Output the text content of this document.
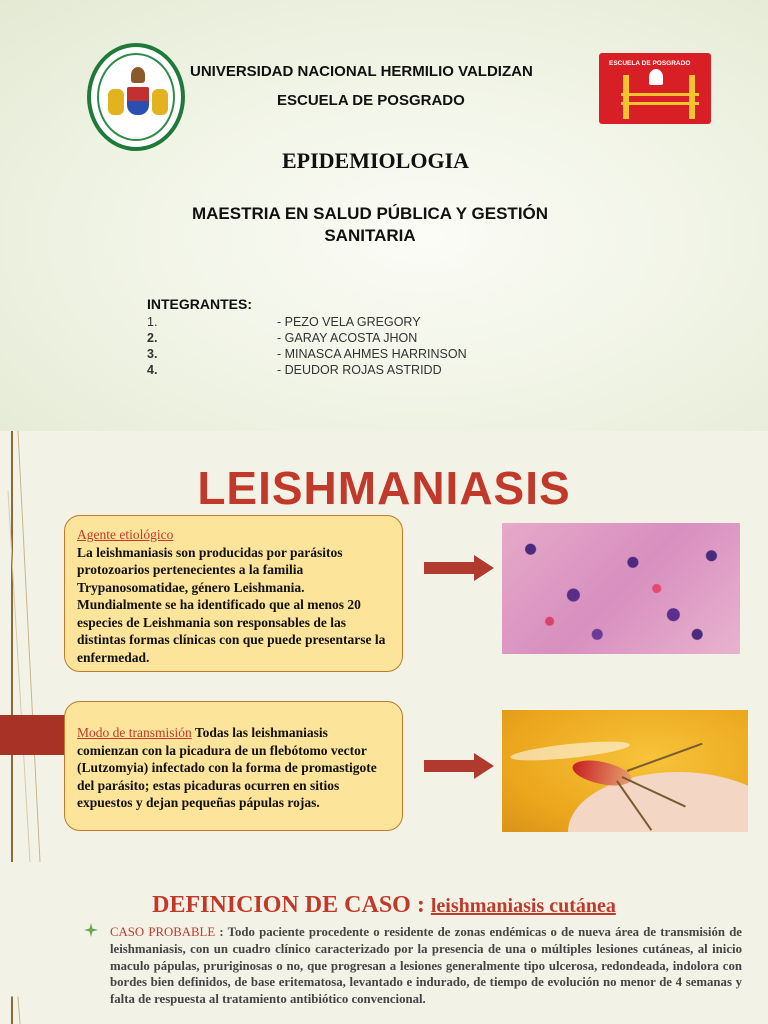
ESCUELA DE POSGRADO
UNIVERSIDAD NACIONAL HERMILIO VALDIZAN
ESCUELA DE POSGRADO
EPIDEMIOLOGIA
MAESTRIA EN SALUD PÚBLICA Y GESTIÓN SANITARIA
INTEGRANTES:
1.	- PEZO VELA GREGORY
2.	- GARAY ACOSTA JHON
3.	- MINASCA AHMES HARRINSON
4.	- DEUDOR ROJAS ASTRIDD
LEISHMANIASIS
Agente etiológico
La leishmaniasis son producidas por parásitos protozoarios pertenecientes a la familia Trypanosomatidae, género Leishmania. Mundialmente se ha identificado que al menos 20 especies de Leishmania son responsables de las distintas formas clínicas con que puede presentarse la enfermedad.
Modo de transmisión Todas las leishmaniasis comienzan con la picadura de un flebótomo vector (Lutzomyia) infectado con la forma de promastigote del parásito; estas picaduras ocurren en sitios expuestos y dejan pequeñas pápulas rojas.
DEFINICION DE CASO : leishmaniasis cutánea
CASO PROBABLE : Todo paciente procedente o residente de zonas endémicas o de nueva área de transmisión de leishmaniasis, con un cuadro clínico caracterizado por la presencia de una o múltiples lesiones cutáneas, al inicio maculo pápulas, pruriginosas o no, que progresan a lesiones generalmente tipo ulcerosa, redondeada, indolora con bordes bien definidos, de base eritematosa, levantado e indurado, de tiempo de evolución no menor de 4 semanas y falta de respuesta al tratamiento antibiótico convencional.
